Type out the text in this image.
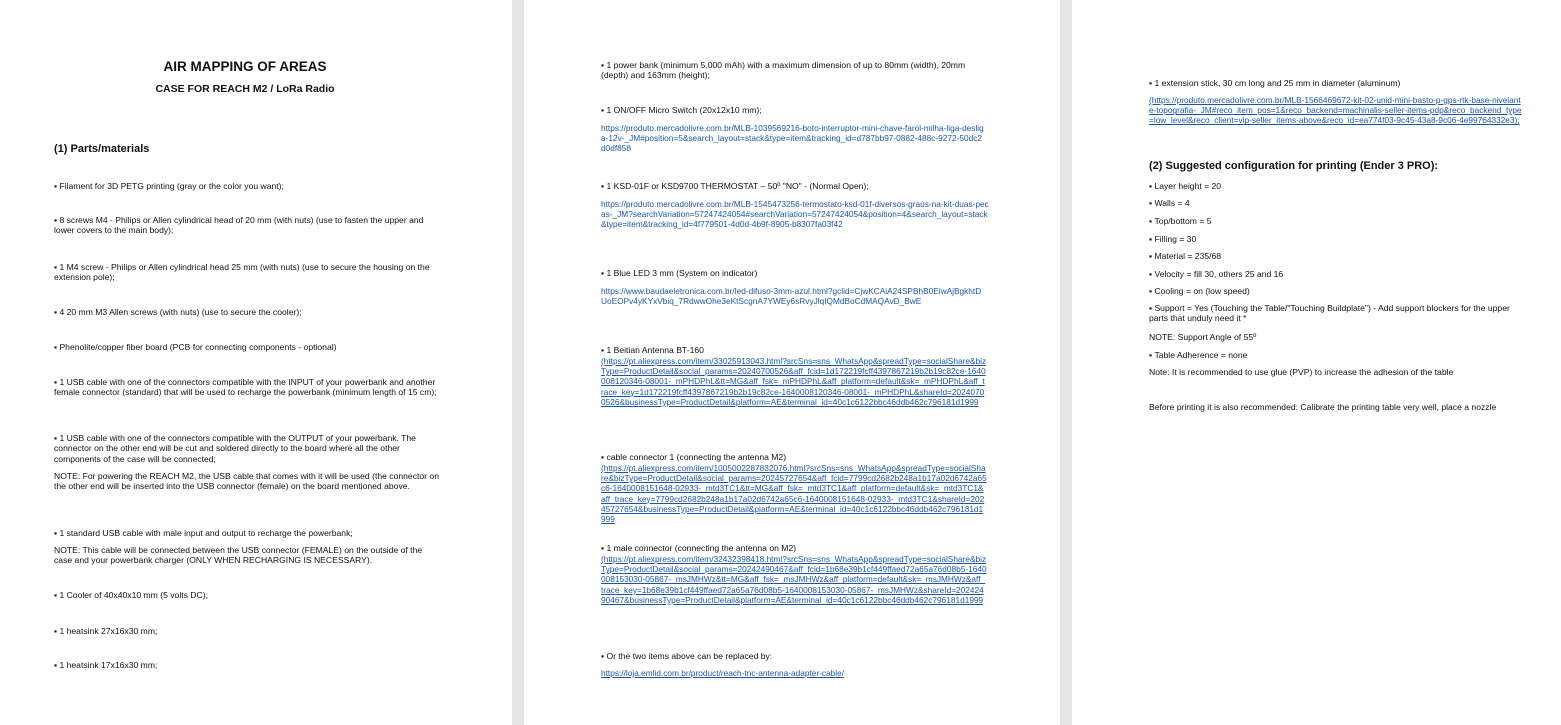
AIR MAPPING OF AREAS
CASE FOR REACH M2 / LoRa Radio
(1) Parts/materials
▪ Filament for 3D PETG printing (gray or the color you want);
▪ 8 screws M4 - Philips or Allen cylindrical head of 20 mm (with nuts) (use to fasten the upper and lower covers to the main body);
▪ 1 M4 screw - Philips or Allen cylindrical head 25 mm (with nuts) (use to secure the housing on the extension pole);
▪ 4 20 mm M3 Allen screws (with nuts) (use to secure the cooler);
▪ Phenolite/copper fiber board (PCB for connecting components - optional)
▪ 1 USB cable with one of the connectors compatible with the INPUT of your powerbank and another female connector (standard) that will be used to recharge the powerbank (minimum length of 15 cm);
▪ 1 USB cable with one of the connectors compatible with the OUTPUT of your powerbank. The connector on the other end will be cut and soldered directly to the board where all the other components of the case will be connected;
NOTE: For powering the REACH M2, the USB cable that comes with it will be used (the connector on the other end will be inserted into the USB connector (female) on the board mentioned above.
▪ 1 standard USB cable with male input and output to recharge the powerbank;
NOTE: This cable will be connected between the USB connector (FEMALE) on the outside of the case and your powerbank charger (ONLY WHEN RECHARGING IS NECESSARY).
▪ 1 Cooler of 40x40x10 mm (5 volts DC);
▪ 1 heatsink 27x16x30 mm;
▪ 1 heatsink 17x16x30 mm;
▪ 1 power bank (minimum 5,000 mAh) with a maximum dimension of up to 80mm (width), 20mm (depth) and 163mm (height);
▪ 1 ON/OFF Micro Switch (20x12x10 mm);
https://produto.mercadolivre.com.br/MLB-1039569216-boto-interruptor-mini-chave-farol-milha-liga-desliga-12v-_JM#position=5&search_layout=stack&type=item&tracking_id=d787bb97-0882-488c-9272-50dc2d0df858
▪ 1 KSD-01F or KSD9700 THERMOSTAT – 50º "NO" - (Normal Open);
https://produto.mercadolivre.com.br/MLB-1545473256-termostato-ksd-01f-diversos-graus-na-kit-duas-pecas-_JM?searchVariation=57247424054#searchVariation=57247424054&position=4&search_layout=stack&type=item&tracking_id=4f779501-4d0d-4b9f-8905-b8307fa03f42
▪ 1 Blue LED 3 mm (System on indicator)
https://www.baudaeletronica.com.br/led-difuso-3mm-azul.html?gclid=CjwKCAiA24SPBhB0EiwAjBgkhtDUoEOPv4yKYxVbiq_7RdwwOhe3eKtScgnA7YWEy6sRvyJlqIQMdBoCdMAQAvD_BwE
▪ 1 Beitian Antenna BT-160
(https://pt.aliexpress.com/item/33025913043.html?srcSns=sns_WhatsApp&spreadType=socialShare&bizType=ProductDetail&social_params=20240700526&aff_fcid=1d172219fcff4397867219b2b19c82ce-1640008120346-08001-_mPHDPhL&tt=MG&aff_fsk=_mPHDPhL&aff_platform=default&sk=_mPHDPhL&aff_trace_key=1d172219fcff4397867219b2b19c82ce-1640008120346-08001-_mPHDPhL&shareId=20240700526&businessType=ProductDetail&platform=AE&terminal_id=40c1c6122bbc46ddb462c796181d1999
▪ cable connector 1 (connecting the antenna M2)
(https://pt.aliexpress.com/item/1005002287832076.html?srcSns=sns_WhatsApp&spreadType=socialShare&bizType=ProductDetail&social_params=20245727654&aff_fcid=7799cd2682b248a1b17a02d6742a65c6-1640008151648-02933-_mtd3TC1&tt=MG&aff_fsk=_mtd3TC1&aff_platform=default&sk=_mtd3TC1&aff_trace_key=7799cd2682b248a1b17a02d6742a65c6-1640008151648-02933-_mtd3TC1&shareId=20245727654&businessType=ProductDetail&platform=AE&terminal_id=40c1c6122bbc46ddb462c796181d1999
▪ 1 male connector (connecting the antenna on M2)
(https://pt.aliexpress.com/item/32432398418.html?srcSns=sns_WhatsApp&spreadType=socialShare&bizType=ProductDetail&social_params=20242490467&aff_fcid=1b68e39b1cf449ffaed72a65a76d08b5-1640008153030-05867-_msJMHWz&tt=MG&aff_fsk=_msJMHWz&aff_platform=default&sk=_msJMHWz&aff_trace_key=1b68e39b1cf449ffaed72a65a76d08b5-1640008153030-05867-_msJMHWz&shareId=20242490467&businessType=ProductDetail&platform=AE&terminal_id=40c1c6122bbc46ddb462c796181d1999
▪ Or the two items above can be replaced by:
https://loja.emlid.com.br/product/reach-tnc-antenna-adapter-cable/
▪ 1 extension stick, 30 cm long and 25 mm in diameter (aluminum)
(https://produto.mercadolivre.com.br/MLB-1566469672-kit-02-unid-mini-basto-p-gps-rtk-base-nivelante-topografia-_JM#reco_item_pos=1&reco_backend=machinalis-seller-items-pdp&reco_backend_type=low_level&reco_client=vip-seller_items-above&reco_id=ea774f03-9c45-43a8-9c06-4e99764332e3);
(2) Suggested configuration for printing (Ender 3 PRO):
▪ Layer height = 20
▪ Walls = 4
▪ Top/bottom = 5
▪ Filling = 30
▪ Material = 235/68
▪ Velocity = fill 30, others 25 and 16
▪ Cooling = on (low speed)
▪ Support = Yes (Touching the Table/"Touching Buildplate") - Add support blockers for the upper parts that unduly need it *
NOTE: Support Angle of 55º
▪ Table Adherence = none
Note: It is recommended to use glue (PVP) to increase the adhesion of the table
Before printing it is also recommended: Calibrate the printing table very well, place a nozzle
